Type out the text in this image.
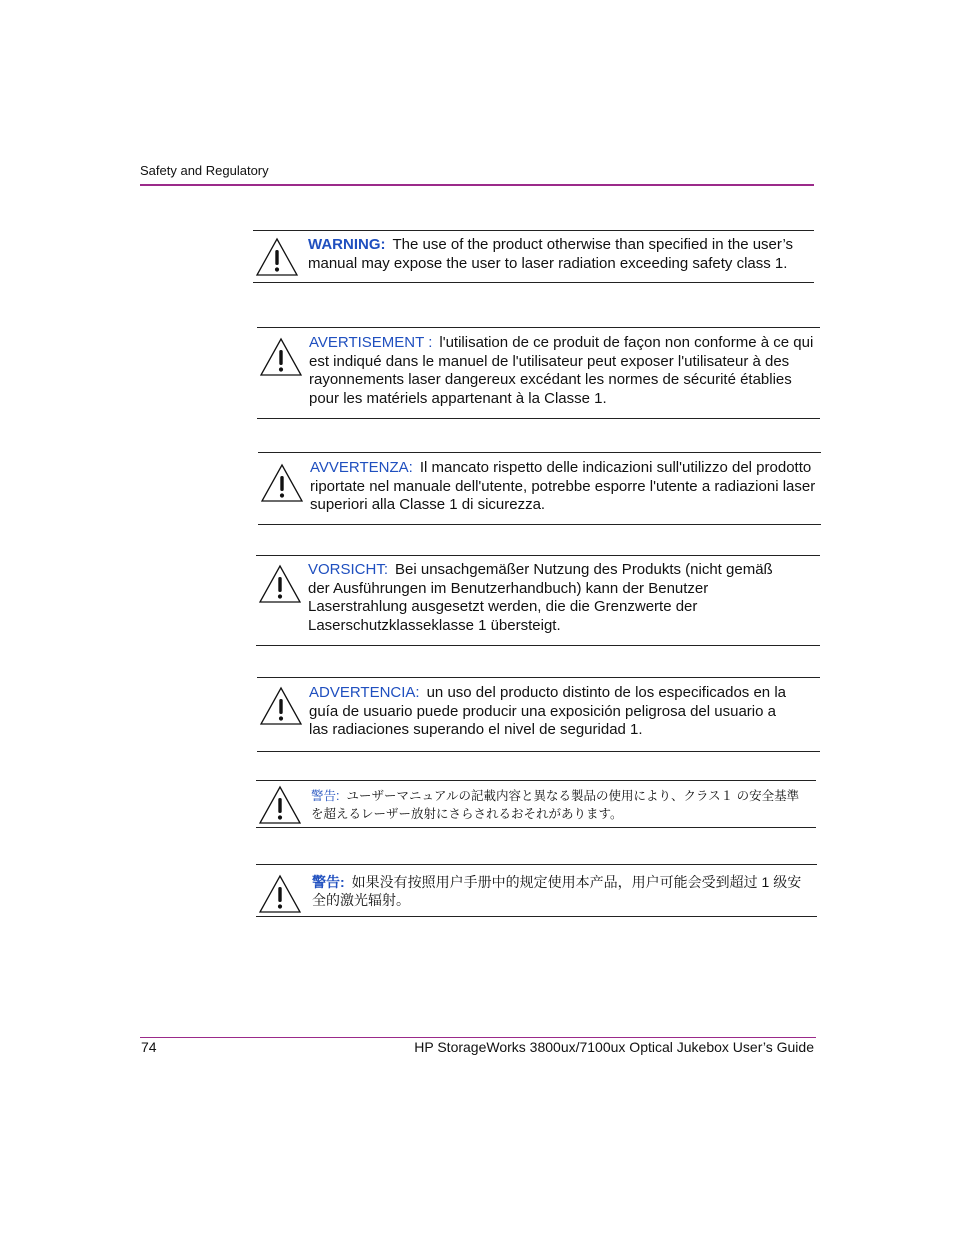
Safety and Regulatory
WARNING: The use of the product otherwise than specified in the user’s manual may expose the user to laser radiation exceeding safety class 1.
AVERTISEMENT : l'utilisation de ce produit de façon non conforme à ce qui est indiqué dans le manuel de l'utilisateur peut exposer l'utilisateur à des rayonnements laser dangereux excédant les normes de sécurité établies pour les matériels appartenant à la Classe 1.
AVVERTENZA: Il mancato rispetto delle indicazioni sull'utilizzo del prodotto riportate nel manuale dell'utente, potrebbe esporre l'utente a radiazioni laser superiori alla Classe 1 di sicurezza.
VORSICHT: Bei unsachgemäßer Nutzung des Produkts (nicht gemäß der Ausführungen im Benutzerhandbuch) kann der Benutzer Laserstrahlung ausgesetzt werden, die die Grenzwerte der Laserschutzklasseklasse 1 übersteigt.
ADVERTENCIA: un uso del producto distinto de los especificados en la guía de usuario puede producir una exposición peligrosa del usuario a las radiaciones superando el nivel de seguridad 1.
警告: ユーザーマニュアルの記載内容と異なる製品の使用により、クラス１ の安全基準を超えるレーザー放射にさらされるおそれがあります。
警告: 如果没有按照用户手册中的规定使用本产品，用户可能会受到超过 1 级安全的激光辐射。
74	HP StorageWorks 3800ux/7100ux Optical Jukebox User’s Guide
